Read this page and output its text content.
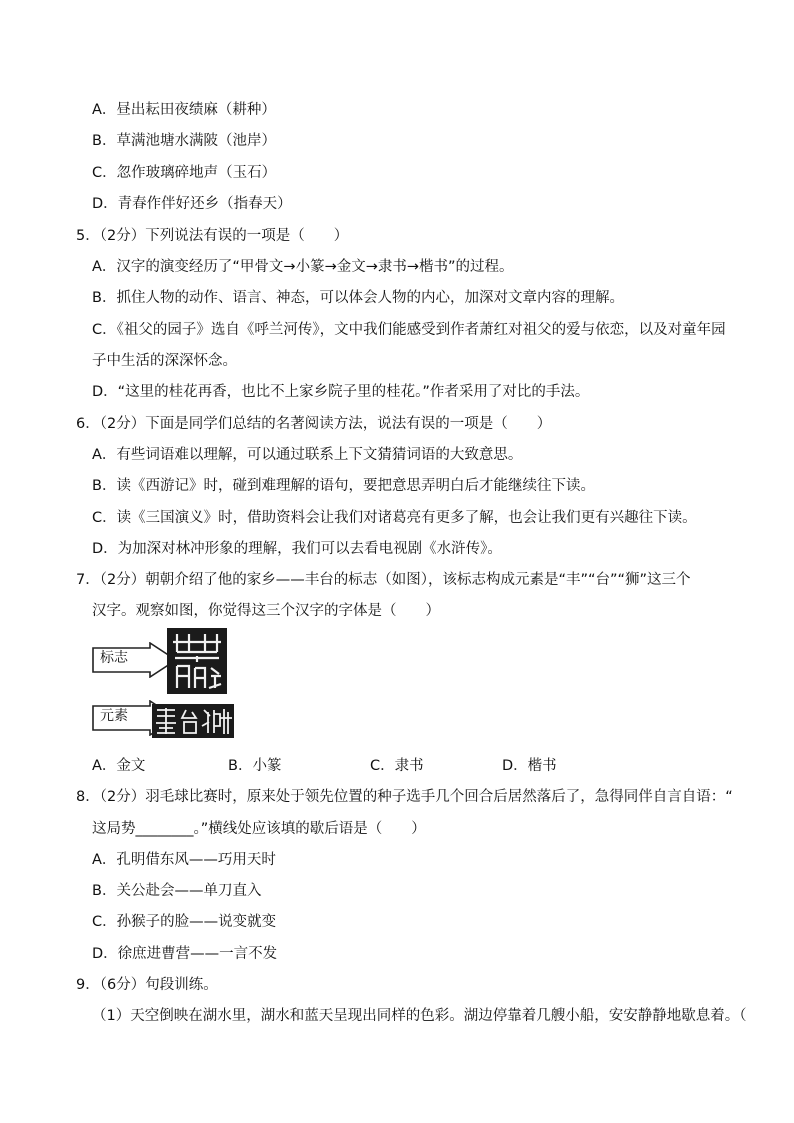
A．昼出耘田夜绩麻（耕种）
B．草满池塘水满陂（池岸）
C．忽作玻璃碎地声（玉石）
D．青春作伴好还乡（指春天）
5．（2分）下列说法有误的一项是（　　）
A．汉字的演变经历了“甲骨文→小篆→金文→隶书→楷书”的过程。
B．抓住人物的动作、语言、神态，可以体会人物的内心，加深对文章内容的理解。
C．《祖父的园子》选自《呼兰河传》，文中我们能感受到作者萧红对祖父的爱与依恋，以及对童年园
子中生活的深深怀念。
D．“这里的桂花再香，也比不上家乡院子里的桂花。”作者采用了对比的手法。
6．（2分）下面是同学们总结的名著阅读方法，说法有误的一项是（　　）
A．有些词语难以理解，可以通过联系上下文猜猜词语的大致意思。
B．读《西游记》时，碰到难理解的语句，要把意思弄明白后才能继续往下读。
C．读《三国演义》时，借助资料会让我们对诸葛亮有更多了解，也会让我们更有兴趣往下读。
D．为加深对林冲形象的理解，我们可以去看电视剧《水浒传》。
7．（2分）朝朝介绍了他的家乡——丰台的标志（如图），该标志构成元素是“丰”“台”“狮”这三个
汉字。观察如图，你觉得这三个汉字的字体是（　　）
标志
元素
A．金文	B．小篆	C．隶书	D．楷书
8．（2分）羽毛球比赛时，原来处于领先位置的种子选手几个回合后居然落后了，急得同伴自言自语：“
这局势________。”横线处应该填的歇后语是（　　）
A．孔明借东风——巧用天时
B．关公赴会——单刀直入
C．孙猴子的脸——说变就变
D．徐庶进曹营——一言不发
9．（6分）句段训练。
（1）天空倒映在湖水里，湖水和蓝天呈现出同样的色彩。湖边停靠着几艘小船，安安静静地歇息着。（
